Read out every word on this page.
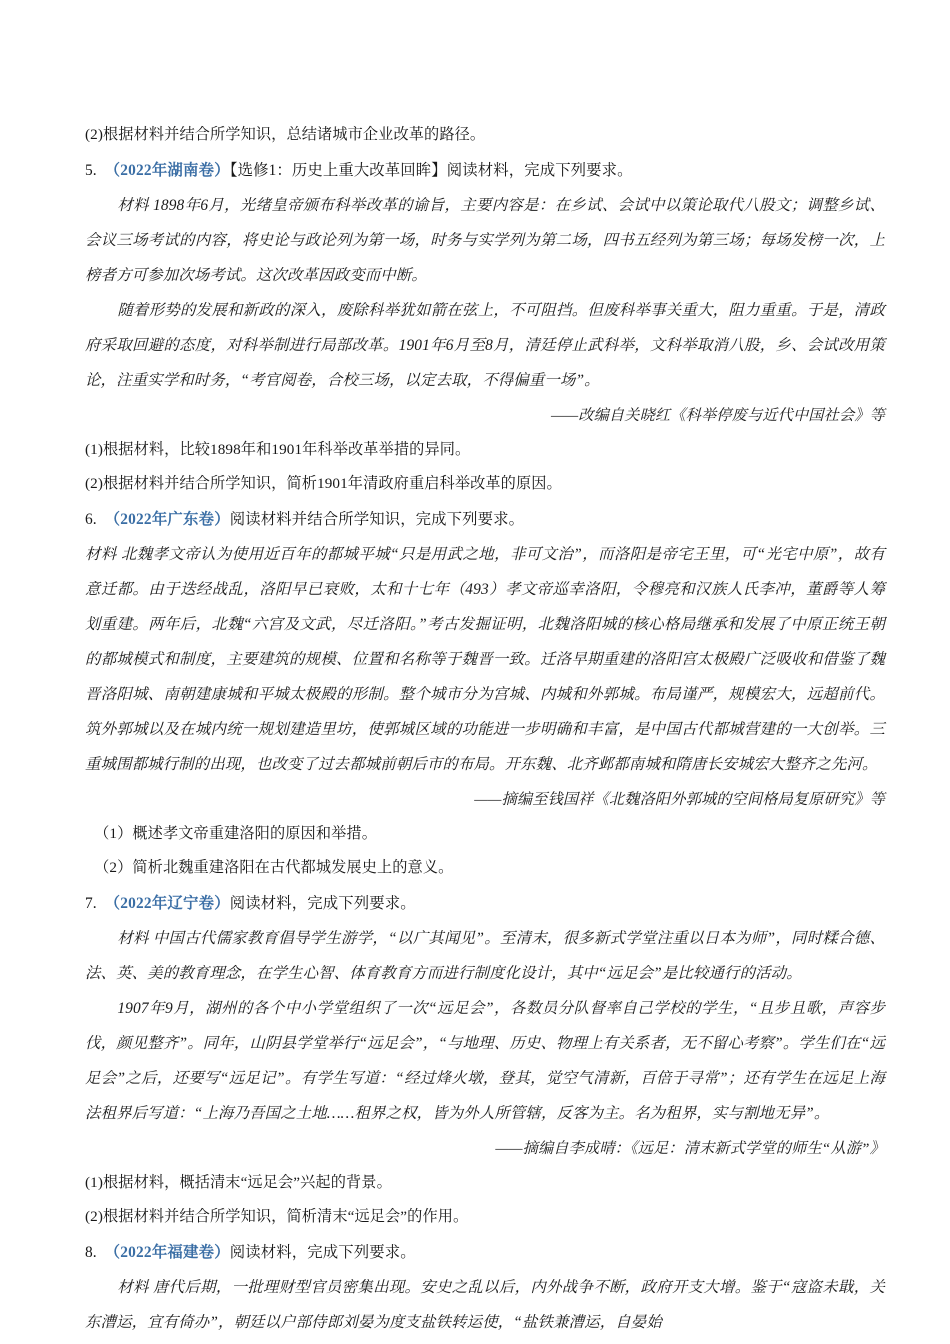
(2)根据材料并结合所学知识，总结诸城市企业改革的路径。

5. （2022年湖南卷）【选修1：历史上重大改革回眸】阅读材料，完成下列要求。

材料 1898年6月，光绪皇帝颁布科举改革的谕旨，主要内容是：在乡试、会试中以策论取代八股文；调整乡试、会议三场考试的内容，将史论与政论列为第一场，时务与实学列为第二场，四书五经列为第三场；每场发榜一次，上榜者方可参加次场考试。这次改革因政变而中断。

随着形势的发展和新政的深入，废除科举犹如箭在弦上，不可阻挡。但废科举事关重大，阻力重重。于是，清政府采取回避的态度，对科举制进行局部改革。1901年6月至8月，清廷停止武科举，文科举取消八股，乡、会试改用策论，注重实学和时务，“考官阅卷，合校三场，以定去取，不得偏重一场”。

——改编自关晓红《科举停废与近代中国社会》等

(1)根据材料，比较1898年和1901年科举改革举措的异同。

(2)根据材料并结合所学知识，简析1901年清政府重启科举改革的原因。

6. （2022年广东卷）阅读材料并结合所学知识，完成下列要求。

材料 北魏孝文帝认为使用近百年的都城平城“只是用武之地，非可文治”，而洛阳是帝宅王里，可“光宅中原”，故有意迁都。由于迭经战乱，洛阳早已衰败，太和十七年（493）孝文帝巡幸洛阳，令穆亮和汉族人氏李冲，董爵等人筹划重建。两年后，北魏“六宫及文武，尽迁洛阳。”考古发掘证明，北魏洛阳城的核心格局继承和发展了中原正统王朝的都城模式和制度，主要建筑的规模、位置和名称等于魏晋一致。迁洛早期重建的洛阳宫太极殿广泛吸收和借鉴了魏晋洛阳城、南朝建康城和平城太极殿的形制。整个城市分为宫城、内城和外郭城。布局谨严，规模宏大，远超前代。筑外郭城以及在城内统一规划建造里坊，使郭城区域的功能进一步明确和丰富，是中国古代都城营建的一大创举。三重城围都城行制的出现，也改变了过去都城前朝后市的布局。开东魏、北齐邺都南城和隋唐长安城宏大整齐之先河。

——摘编至钱国祥《北魏洛阳外郭城的空间格局复原研究》等

（1）概述孝文帝重建洛阳的原因和举措。

（2）简析北魏重建洛阳在古代都城发展史上的意义。

7. （2022年辽宁卷）阅读材料，完成下列要求。

材料 中国古代儒家教育倡导学生游学，“以广其闻见”。至清末，很多新式学堂注重以日本为师”，同时糅合德、法、英、美的教育理念，在学生心智、体育教育方而进行制度化设计，其中“远足会”是比较通行的活动。

1907年9月，湖州的各个中小学堂组织了一次“远足会”，各数员分队督率自己学校的学生，“且步且歌，声容步伐，颜见整齐”。同年，山阴县学堂举行“远足会”，“与地理、历史、物理上有关系者，无不留心考察”。学生们在“远足会”之后，还要写“远足记”。有学生写道：“经过烽火墩，登其，觉空气清新，百倍于寻常”；还有学生在远足上海法租界后写道：“上海乃吾国之土地……租界之权，皆为外人所管辖，反客为主。名为租界，实与割地无异”。

——摘编自李成晴：《远足：清末新式学堂的师生“从游”》

(1)根据材料，概括清末“远足会”兴起的背景。

(2)根据材料并结合所学知识，简析清末“远足会”的作用。

8. （2022年福建卷）阅读材料，完成下列要求。

材料 唐代后期，一批理财型官员密集出现。安史之乱以后，内外战争不断，政府开支大增。鉴于“寇盗未戢，关东漕运，宜有倚办”，朝廷以户部侍郎刘晏为度支盐铁转运使，“盐铁兼漕运，自晏始
